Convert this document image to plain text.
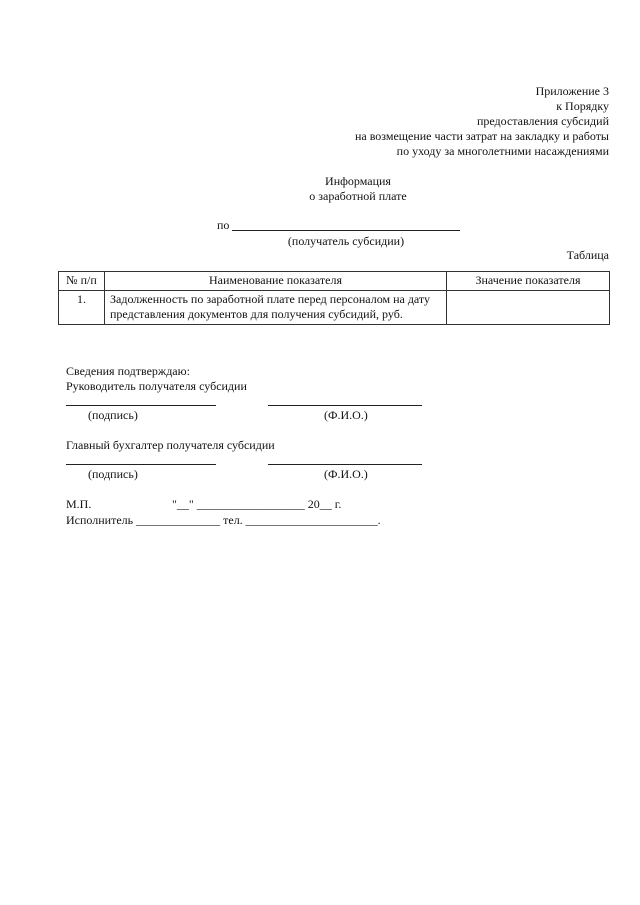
Приложение 3
к Порядку
предоставления субсидий
на возмещение части затрат на закладку и работы
по уходу за многолетними насаждениями
Информация
о заработной плате
по
(получатель субсидии)
Таблица
№ п/п	Наименование показателя	Значение показателя
1.	Задолженность по заработной плате перед персоналом на дату представления документов для получения субсидий, руб.	
Сведения подтверждаю:
Руководитель получателя субсидии
(подпись)	(Ф.И.О.)
Главный бухгалтер получателя субсидии
(подпись)	(Ф.И.О.)
М.П.	"__" __________________ 20__ г.
Исполнитель ______________ тел. ______________________.
